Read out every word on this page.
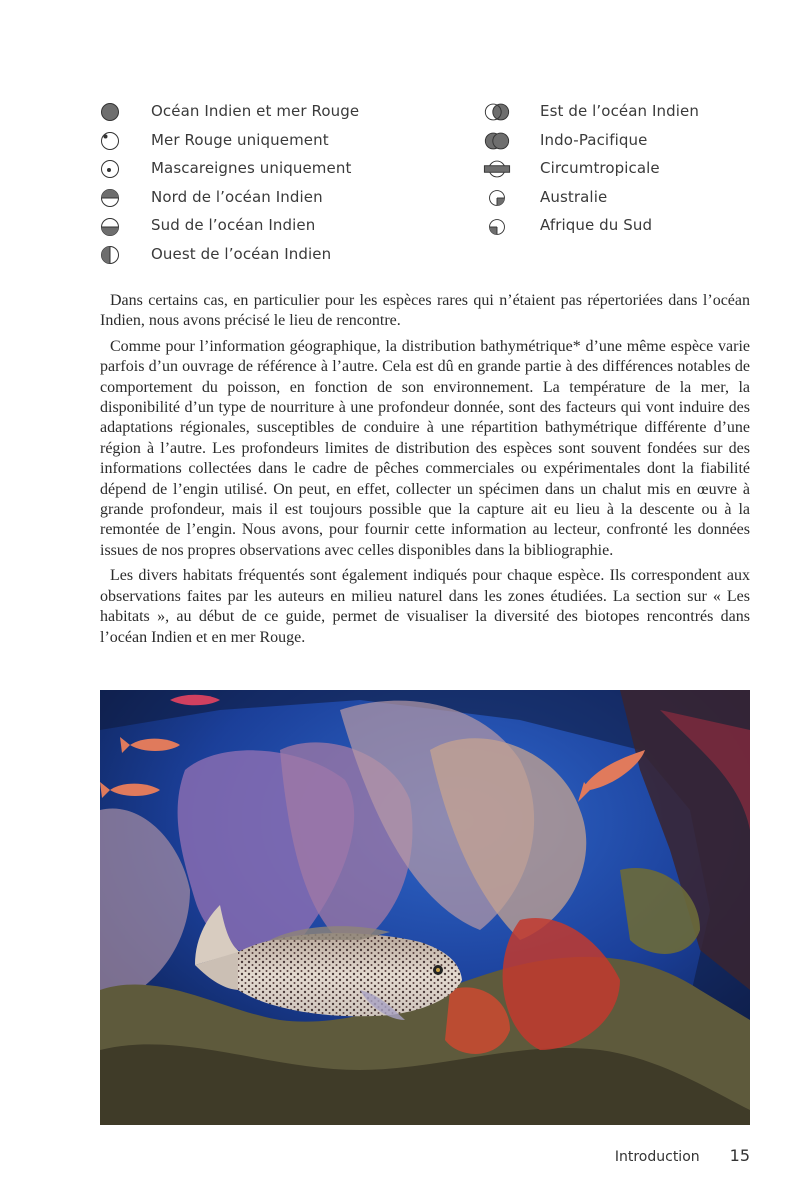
Océan Indien et mer Rouge
Mer Rouge uniquement
Mascareignes uniquement
Nord de l’océan Indien
Sud de l’océan Indien
Ouest de l’océan Indien
Est de l’océan Indien
Indo-Pacifique
Circumtropicale
Australie
Afrique du Sud

Dans certains cas, en particulier pour les espèces rares qui n’étaient pas répertoriées dans l’océan Indien, nous avons précisé le lieu de rencontre.

Comme pour l’information géographique, la distribution bathymétrique* d’une même espèce varie parfois d’un ouvrage de référence à l’autre. Cela est dû en grande partie à des différences notables de comportement du poisson, en fonction de son environnement. La température de la mer, la disponibilité d’un type de nourriture à une profondeur donnée, sont des facteurs qui vont induire des adaptations régionales, susceptibles de conduire à une répartition bathymétrique différente d’une région à l’autre. Les profondeurs limites de distribution des espèces sont souvent fondées sur des informations collectées dans le cadre de pêches commerciales ou expérimentales dont la fiabilité dépend de l’engin utilisé. On peut, en effet, collecter un spécimen dans un chalut mis en œuvre à grande profondeur, mais il est toujours possible que la capture ait eu lieu à la descente ou à la remontée de l’engin. Nous avons, pour fournir cette information au lecteur, confronté les données issues de nos propres observations avec celles disponibles dans la bibliographie.

Les divers habitats fréquentés sont également indiqués pour chaque espèce. Ils correspondent aux observations faites par les auteurs en milieu naturel dans les zones étudiées. La section sur « Les habitats », au début de ce guide, permet de visualiser la diversité des biotopes rencontrés dans l’océan Indien et en mer Rouge.

Introduction 15
